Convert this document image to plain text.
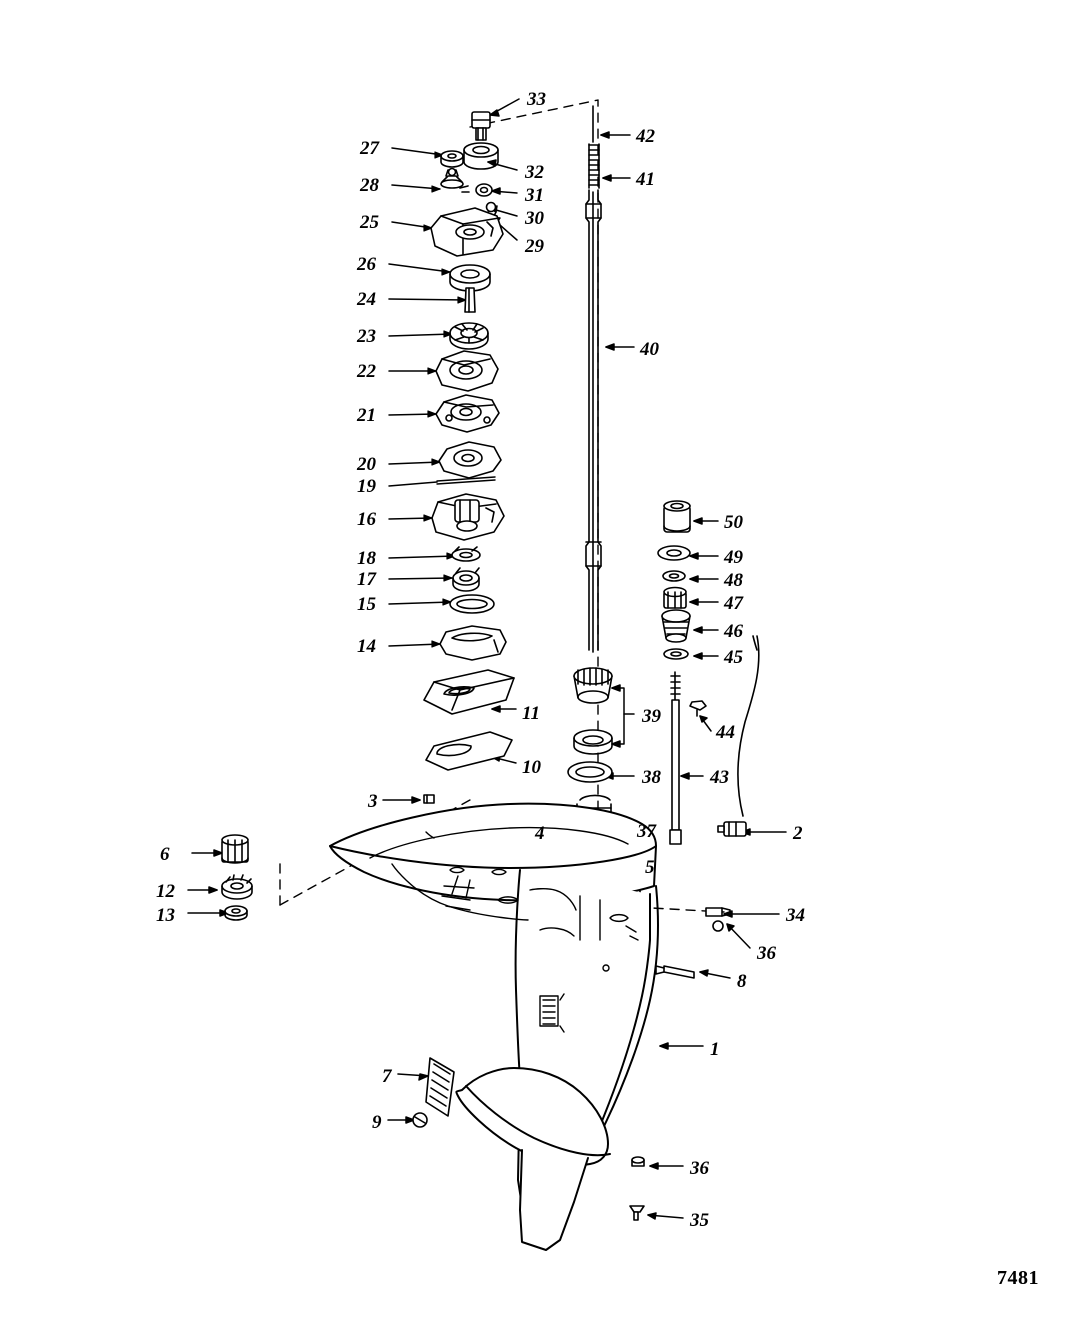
33
42
27
32
28	41
31
30
25
29
26
24
23
40
22
21
20
19
16	50
18	49
17	48
47
15
46
45
14
39
44
11
10	38	43
3
4	37	2
6
5
12
13	34
36
8
1
7
9
36
35
7481
